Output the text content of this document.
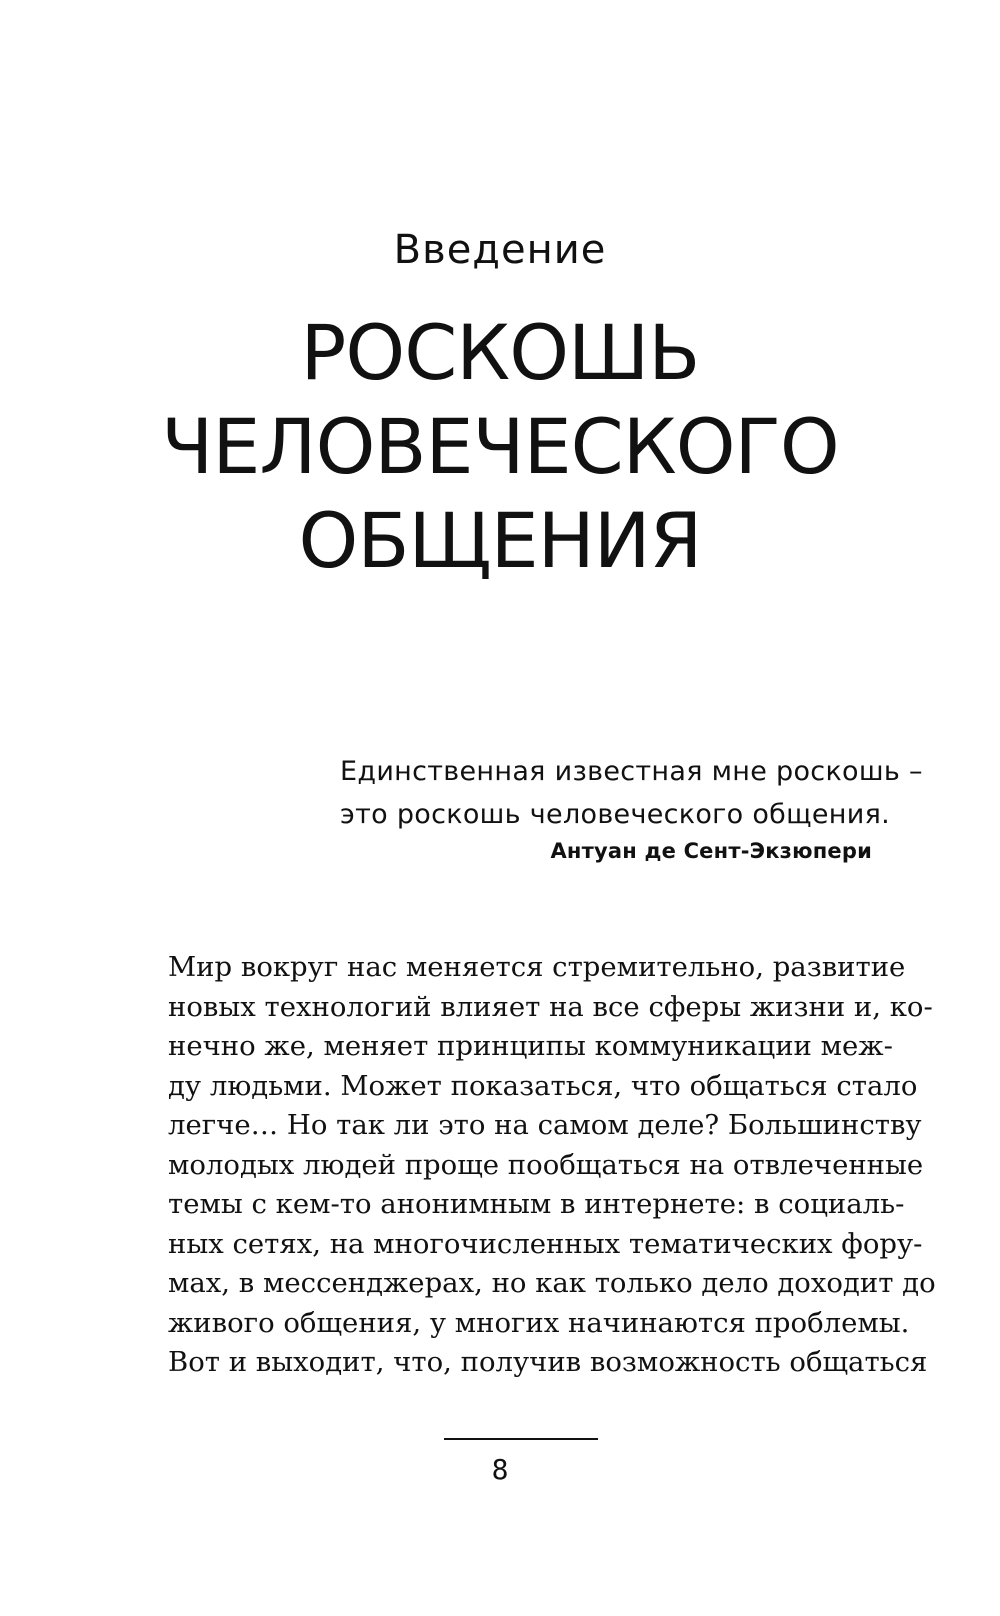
Введение
РОСКОШЬ
ЧЕЛОВЕЧЕСКОГО
ОБЩЕНИЯ
Единственная известная мне роскошь –
это роскошь человеческого общения.

Антуан де Сент-Экзюпери

Мир вокруг нас меняется стремительно, развитие
новых технологий влияет на все сферы жизни и, ко-
нечно же, меняет принципы коммуникации меж-
ду людьми. Может показаться, что общаться стало
легче… Но так ли это на самом деле? Большинству
молодых людей проще пообщаться на отвлеченные
темы с кем-то анонимным в интернете: в социаль-
ных сетях, на многочисленных тематических фору-
мах, в мессенджерах, но как только дело доходит до
живого общения, у многих начинаются проблемы.
Вот и выходит, что, получив возможность общаться

8
